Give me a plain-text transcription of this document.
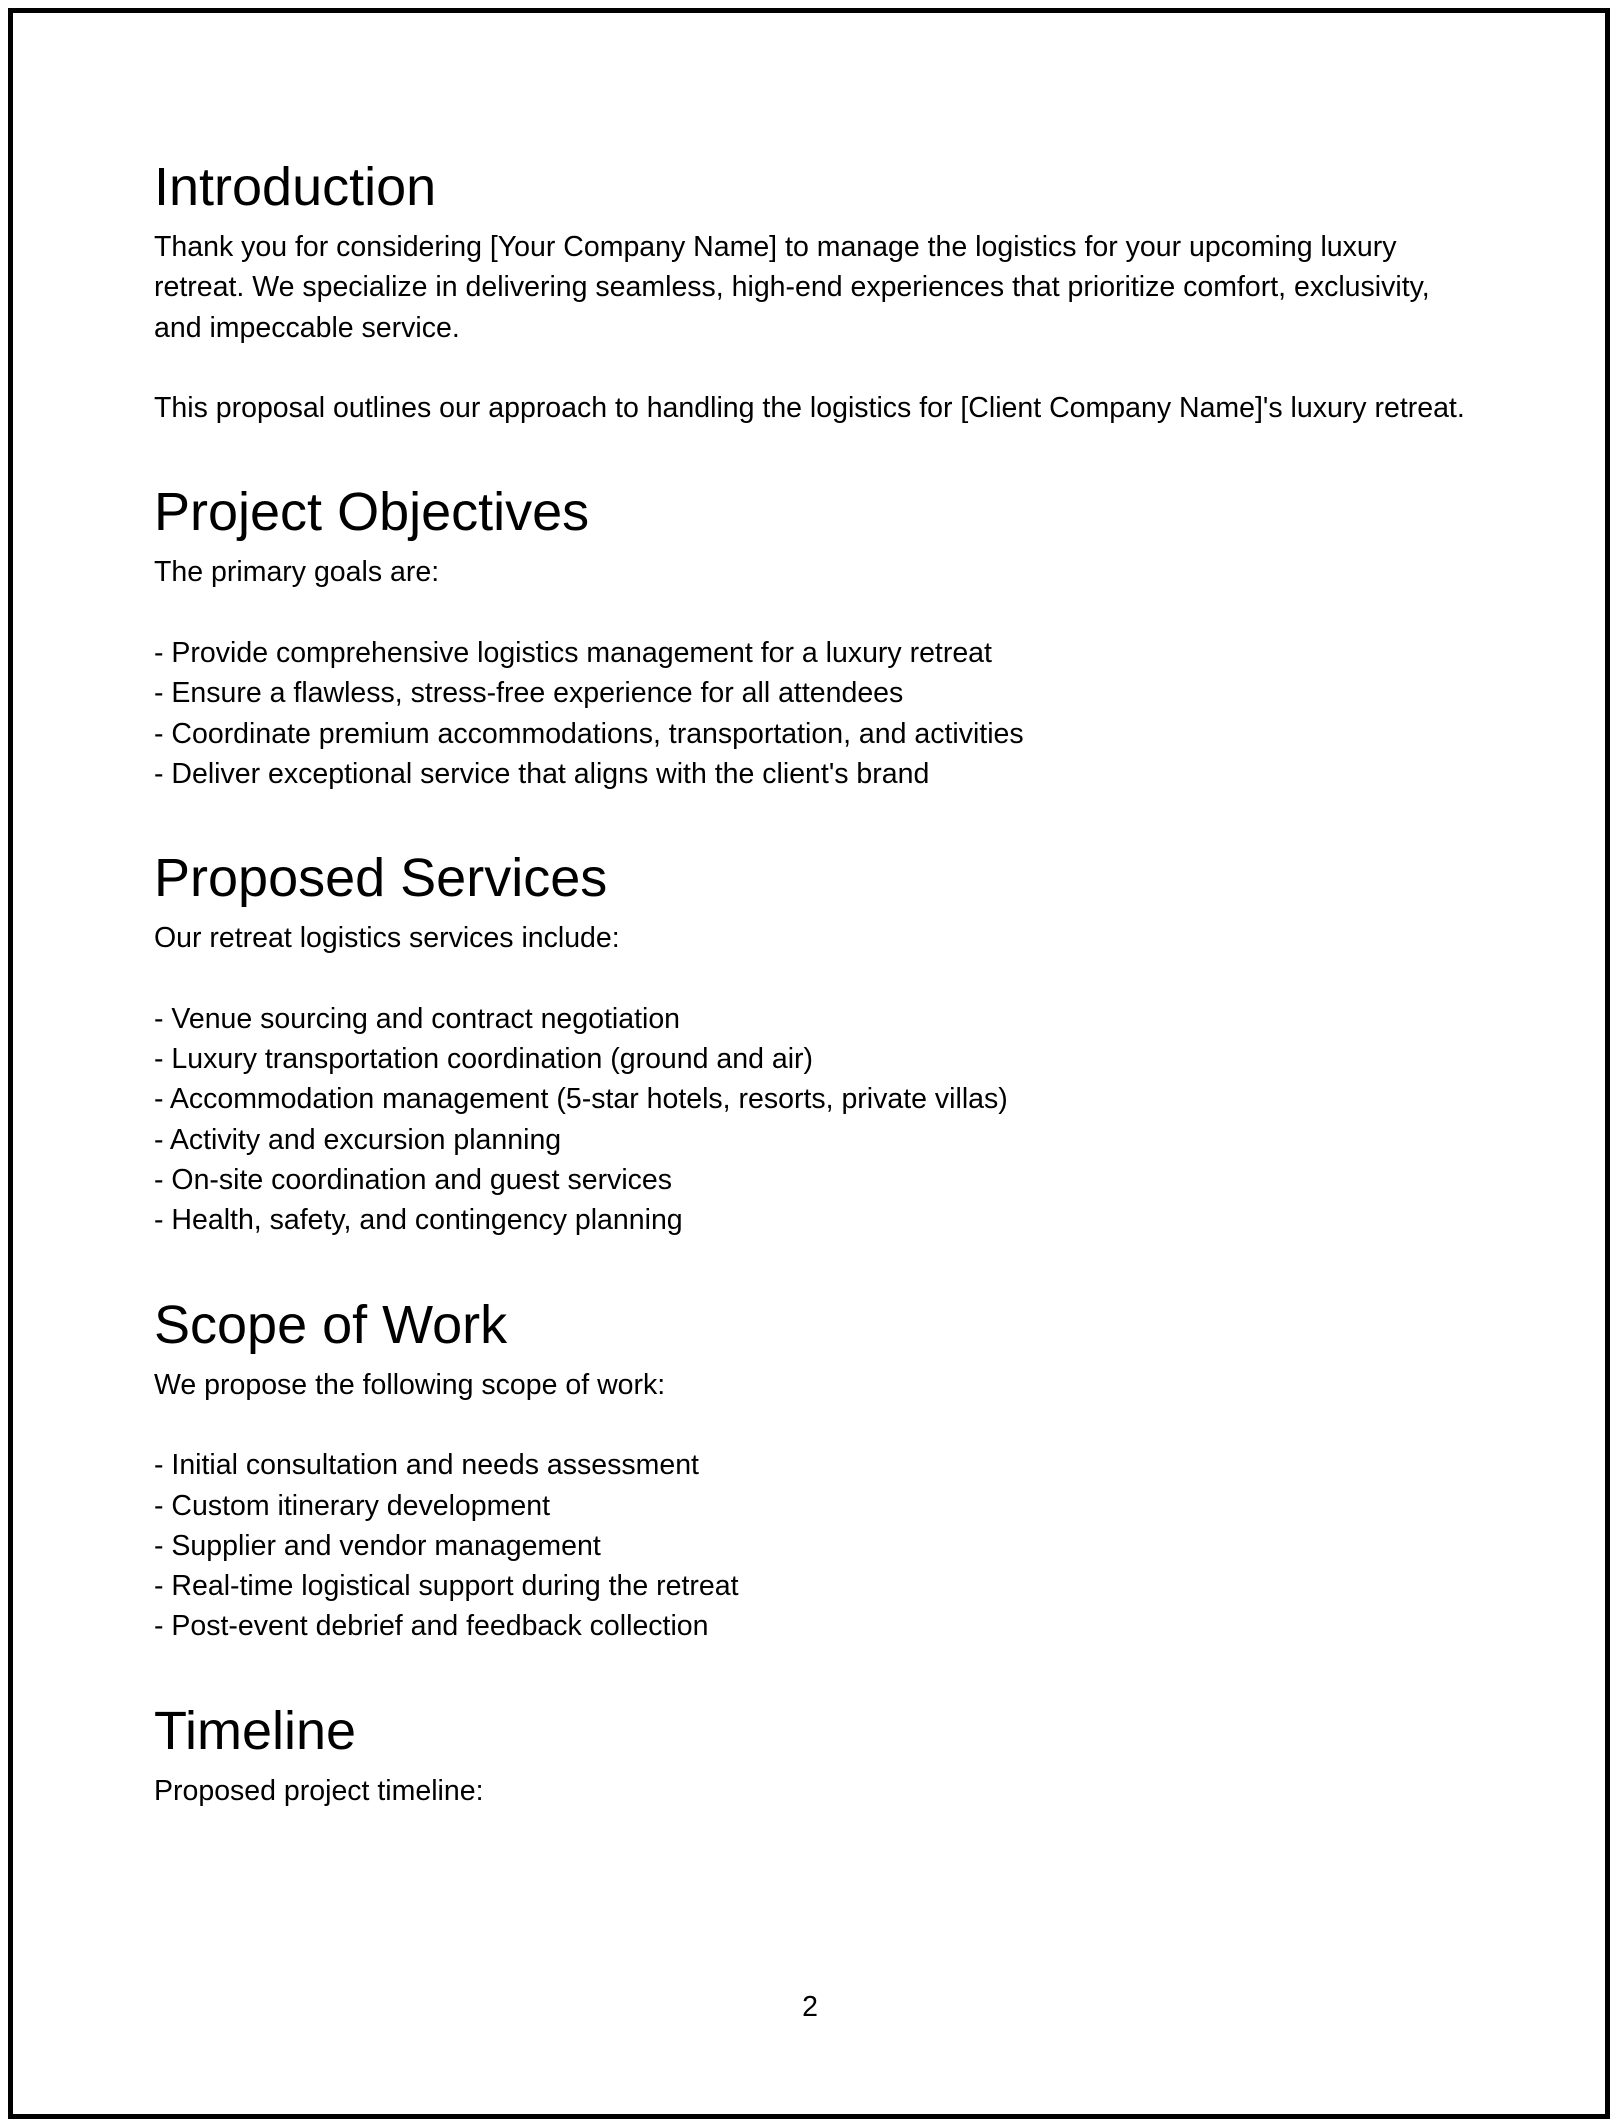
Introduction

Thank you for considering [Your Company Name] to manage the logistics for your upcoming luxury retreat. We specialize in delivering seamless, high-end experiences that prioritize comfort, exclusivity, and impeccable service.

This proposal outlines our approach to handling the logistics for [Client Company Name]'s luxury retreat.

Project Objectives

The primary goals are:

- Provide comprehensive logistics management for a luxury retreat
- Ensure a flawless, stress-free experience for all attendees
- Coordinate premium accommodations, transportation, and activities
- Deliver exceptional service that aligns with the client's brand
Proposed Services

Our retreat logistics services include:

- Venue sourcing and contract negotiation
- Luxury transportation coordination (ground and air)
- Accommodation management (5-star hotels, resorts, private villas)
- Activity and excursion planning
- On-site coordination and guest services
- Health, safety, and contingency planning
Scope of Work

We propose the following scope of work:

- Initial consultation and needs assessment
- Custom itinerary development
- Supplier and vendor management
- Real-time logistical support during the retreat
- Post-event debrief and feedback collection
Timeline

Proposed project timeline:

2
